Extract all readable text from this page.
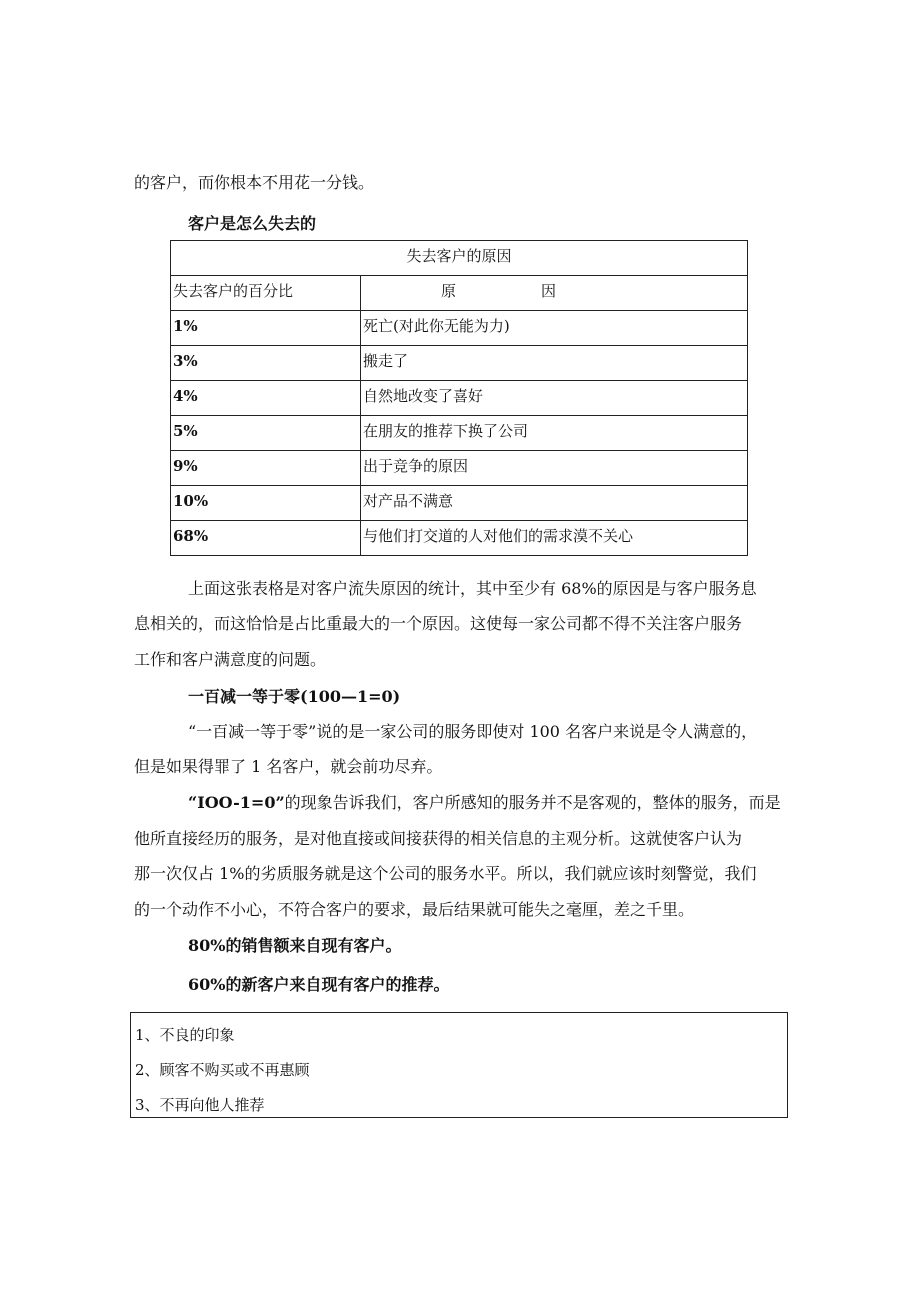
的客户，而你根本不用花一分钱。
客户是怎么失去的
失去客户的原因	
失去客户的百分比	原 因
1%	死亡(对此你无能为力)
3%	搬走了
4%	自然地改变了喜好
5%	在朋友的推荐下换了公司
9%	出于竞争的原因
10%	对产品不满意
68%	与他们打交道的人对他们的需求漠不关心
上面这张表格是对客户流失原因的统计，其中至少有 68%的原因是与客户服务息
息相关的，而这恰恰是占比重最大的一个原因。这使每一家公司都不得不关注客户服务
工作和客户满意度的问题。
一百减一等于零(100—1=0)
“一百减一等于零”说的是一家公司的服务即使对 100 名客户来说是令人满意的，
但是如果得罪了 1 名客户，就会前功尽弃。
“IOO-1=0”的现象告诉我们，客户所感知的服务并不是客观的，整体的服务，而是
他所直接经历的服务，是对他直接或间接获得的相关信息的主观分析。这就使客户认为
那一次仅占 1%的劣质服务就是这个公司的服务水平。所以，我们就应该时刻警觉，我们
的一个动作不小心，不符合客户的要求，最后结果就可能失之毫厘，差之千里。
80%的销售额来自现有客户。
60%的新客户来自现有客户的推荐。
1、不良的印象
2、顾客不购买或不再惠顾
3、不再向他人推荐
